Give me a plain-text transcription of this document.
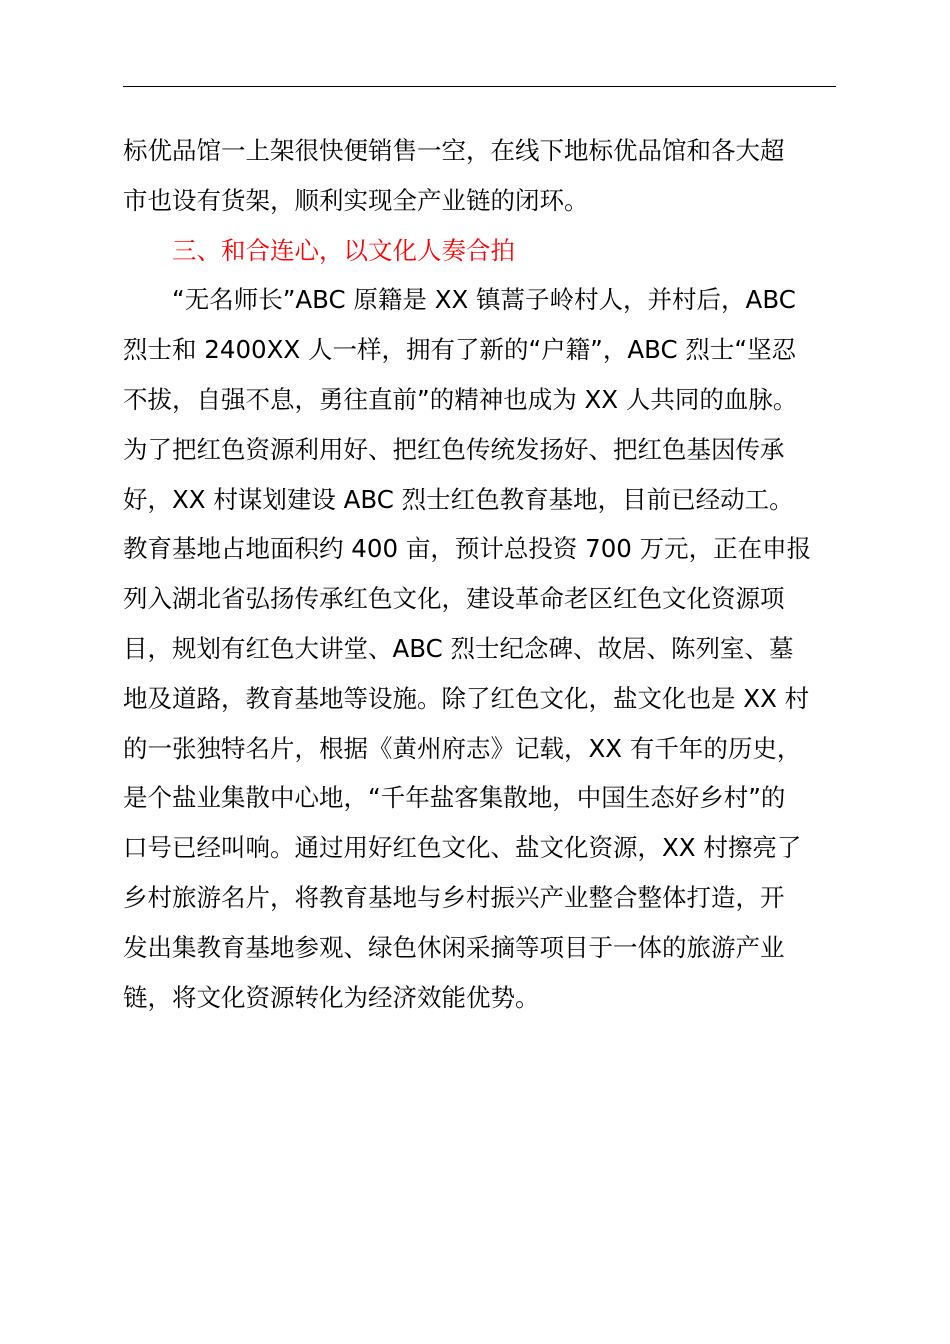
标优品馆一上架很快便销售一空，在线下地标优品馆和各大超
市也设有货架，顺利实现全产业链的闭环。
三、和合连心，以文化人奏合拍
“无名师长”ABC 原籍是 XX 镇蒿子岭村人，并村后，ABC
烈士和 2400XX 人一样，拥有了新的“户籍”，ABC 烈士“坚忍
不拔，自强不息，勇往直前”的精神也成为 XX 人共同的血脉。
为了把红色资源利用好、把红色传统发扬好、把红色基因传承
好，XX 村谋划建设 ABC 烈士红色教育基地，目前已经动工。
教育基地占地面积约 400 亩，预计总投资 700 万元，正在申报
列入湖北省弘扬传承红色文化，建设革命老区红色文化资源项
目，规划有红色大讲堂、ABC 烈士纪念碑、故居、陈列室、墓
地及道路，教育基地等设施。除了红色文化，盐文化也是 XX 村
的一张独特名片，根据《黄州府志》记载，XX 有千年的历史，
是个盐业集散中心地，“千年盐客集散地，中国生态好乡村”的
口号已经叫响。通过用好红色文化、盐文化资源，XX 村擦亮了
乡村旅游名片，将教育基地与乡村振兴产业整合整体打造，开
发出集教育基地参观、绿色休闲采摘等项目于一体的旅游产业
链，将文化资源转化为经济效能优势。
